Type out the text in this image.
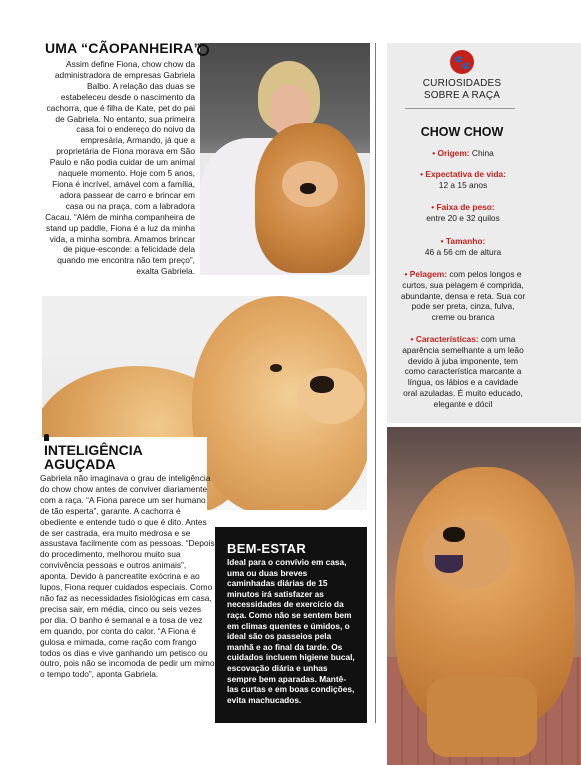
UMA “CÃOPANHEIRA”
Assim define Fiona, chow chow da administradora de empresas Gabriela Balbo. A relação das duas se estabeleceu desde o nascimento da cachorra, que é filha de Kate, pet do pai de Gabriela. No entanto, sua primeira casa foi o endereço do noivo da empresária, Armando, já que a proprietária de Fiona morava em São Paulo e não podia cuidar de um animal naquele momento. Hoje com 5 anos, Fiona é incrível, amável com a família, adora passear de carro e brincar em casa ou na praça, com a labradora Cacau. “Além de minha companheira de stand up paddle, Fiona é a luz da minha vida, a minha sombra. Amamos brincar de pique-esconde: a felicidade dela quando me encontra não tem preço”, exalta Gabriela.
INTELIGÊNCIA
AGUÇADA
Gabriela não imaginava o grau de inteligência do chow chow antes de conviver diariamente com a raça. “A Fiona parece um ser humano de tão esperta”, garante. A cachorra é obediente e entende tudo o que é dito. Antes de ser castrada, era muito medrosa e se assustava facilmente com as pessoas. “Depois do procedimento, melhorou muito sua convivência pessoas e outros animais”, aponta. Devido à pancreatite exócrina e ao lupos, Fiona requer cuidados especiais. Como não faz as necessidades fisiológicas em casa, precisa sair, em média, cinco ou seis vezes por dia. O banho é semanal e a tosa de vez em quando, por conta do calor. “A Fiona é gulosa e mimada, come ração com frango todos os dias e vive ganhando um petisco ou outro, pois não se incomoda de pedir um mimo o tempo todo”, aponta Gabriela.
BEM-ESTAR
Ideal para o convívio em casa, uma ou duas breves caminhadas diárias de 15 minutos irá satisfazer as necessidades de exercício da raça. Como não se sentem bem em climas quentes e úmidos, o ideal são os passeios pela manhã e ao final da tarde. Os cuidados incluem higiene bucal, escovação diária e unhas sempre bem aparadas. Mantê-las curtas e em boas condições, evita machucados.
🐾
CURIOSIDADES
SOBRE A RAÇA
CHOW CHOW
• Origem: China
• Expectativa de vida:
12 a 15 anos
• Faixa de peso:
entre 20 e 32 quilos
• Tamanho:
46 a 56 cm de altura
• Pelagem: com pelos longos e curtos, sua pelagem é comprida, abundante, densa e reta. Sua cor pode ser preta, cinza, fulva, creme ou branca
• Características: com uma aparência semelhante a um leão devido à juba imponente, tem como característica marcante a língua, os lábios e a cavidade oral azuladas. É muito educado, elegante e dócil
